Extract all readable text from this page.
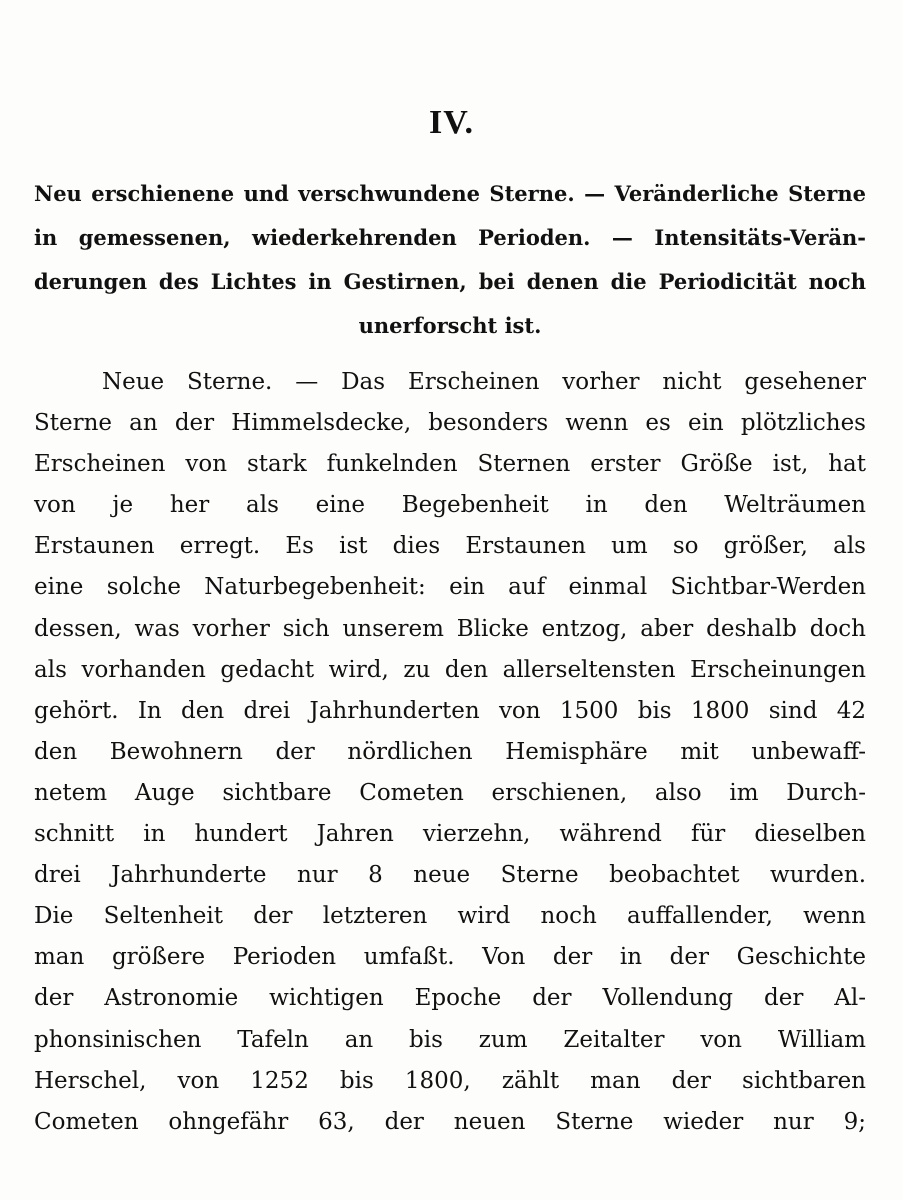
IV.
Neu erschienene und verschwundene Sterne. — Veränderliche Sterne
in gemessenen, wiederkehrenden Perioden. — Intensitäts-Verän-
derungen des Lichtes in Gestirnen, bei denen die Periodicität noch
unerforscht ist.
Neue Sterne. — Das Erscheinen vorher nicht gesehener
Sterne an der Himmelsdecke, besonders wenn es ein plötzliches
Erscheinen von stark funkelnden Sternen erster Größe ist, hat
von je her als eine Begebenheit in den Welträumen
Erstaunen erregt. Es ist dies Erstaunen um so größer, als
eine solche Naturbegebenheit: ein auf einmal Sichtbar-Werden
dessen, was vorher sich unserem Blicke entzog, aber deshalb doch
als vorhanden gedacht wird, zu den allerseltensten Erscheinungen
gehört. In den drei Jahrhunderten von 1500 bis 1800 sind 42
den Bewohnern der nördlichen Hemisphäre mit unbewaff-
netem Auge sichtbare Cometen erschienen, also im Durch-
schnitt in hundert Jahren vierzehn, während für dieselben
drei Jahrhunderte nur 8 neue Sterne beobachtet wurden.
Die Seltenheit der letzteren wird noch auffallender, wenn
man größere Perioden umfaßt. Von der in der Geschichte
der Astronomie wichtigen Epoche der Vollendung der Al-
phonsinischen Tafeln an bis zum Zeitalter von William
Herschel, von 1252 bis 1800, zählt man der sichtbaren
Cometen ohngefähr 63, der neuen Sterne wieder nur 9;
